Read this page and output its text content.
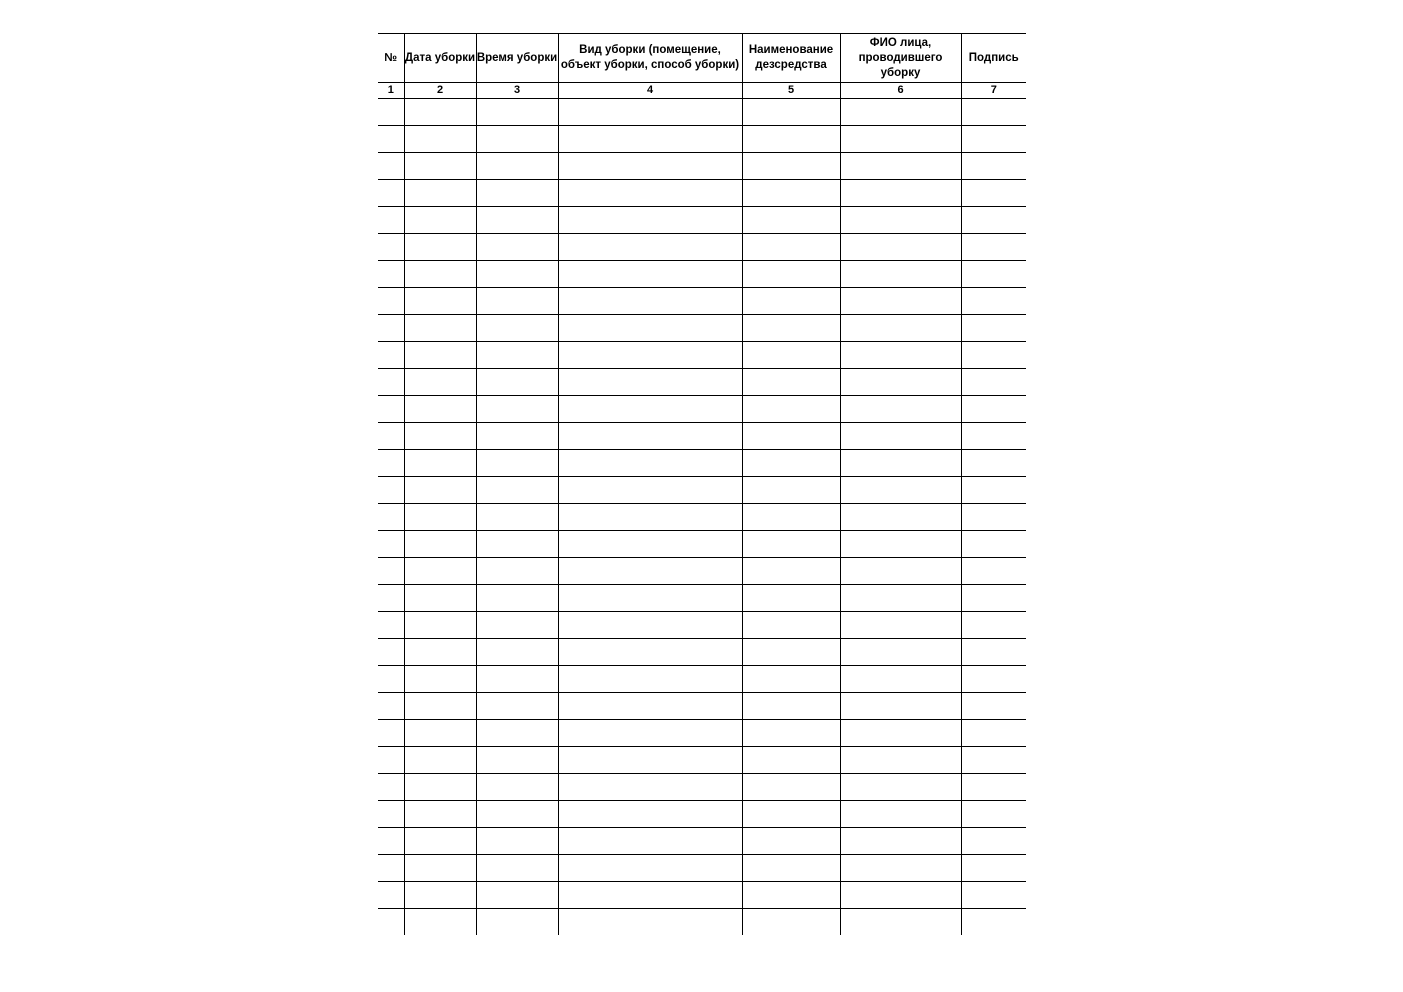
№	Дата уборки	Время уборки	Вид уборки (помещение, объект уборки, способ уборки)	Наименование дезсредства	ФИО лица, проводившего уборку	Подпись
1	2	3	4	5	6	7
